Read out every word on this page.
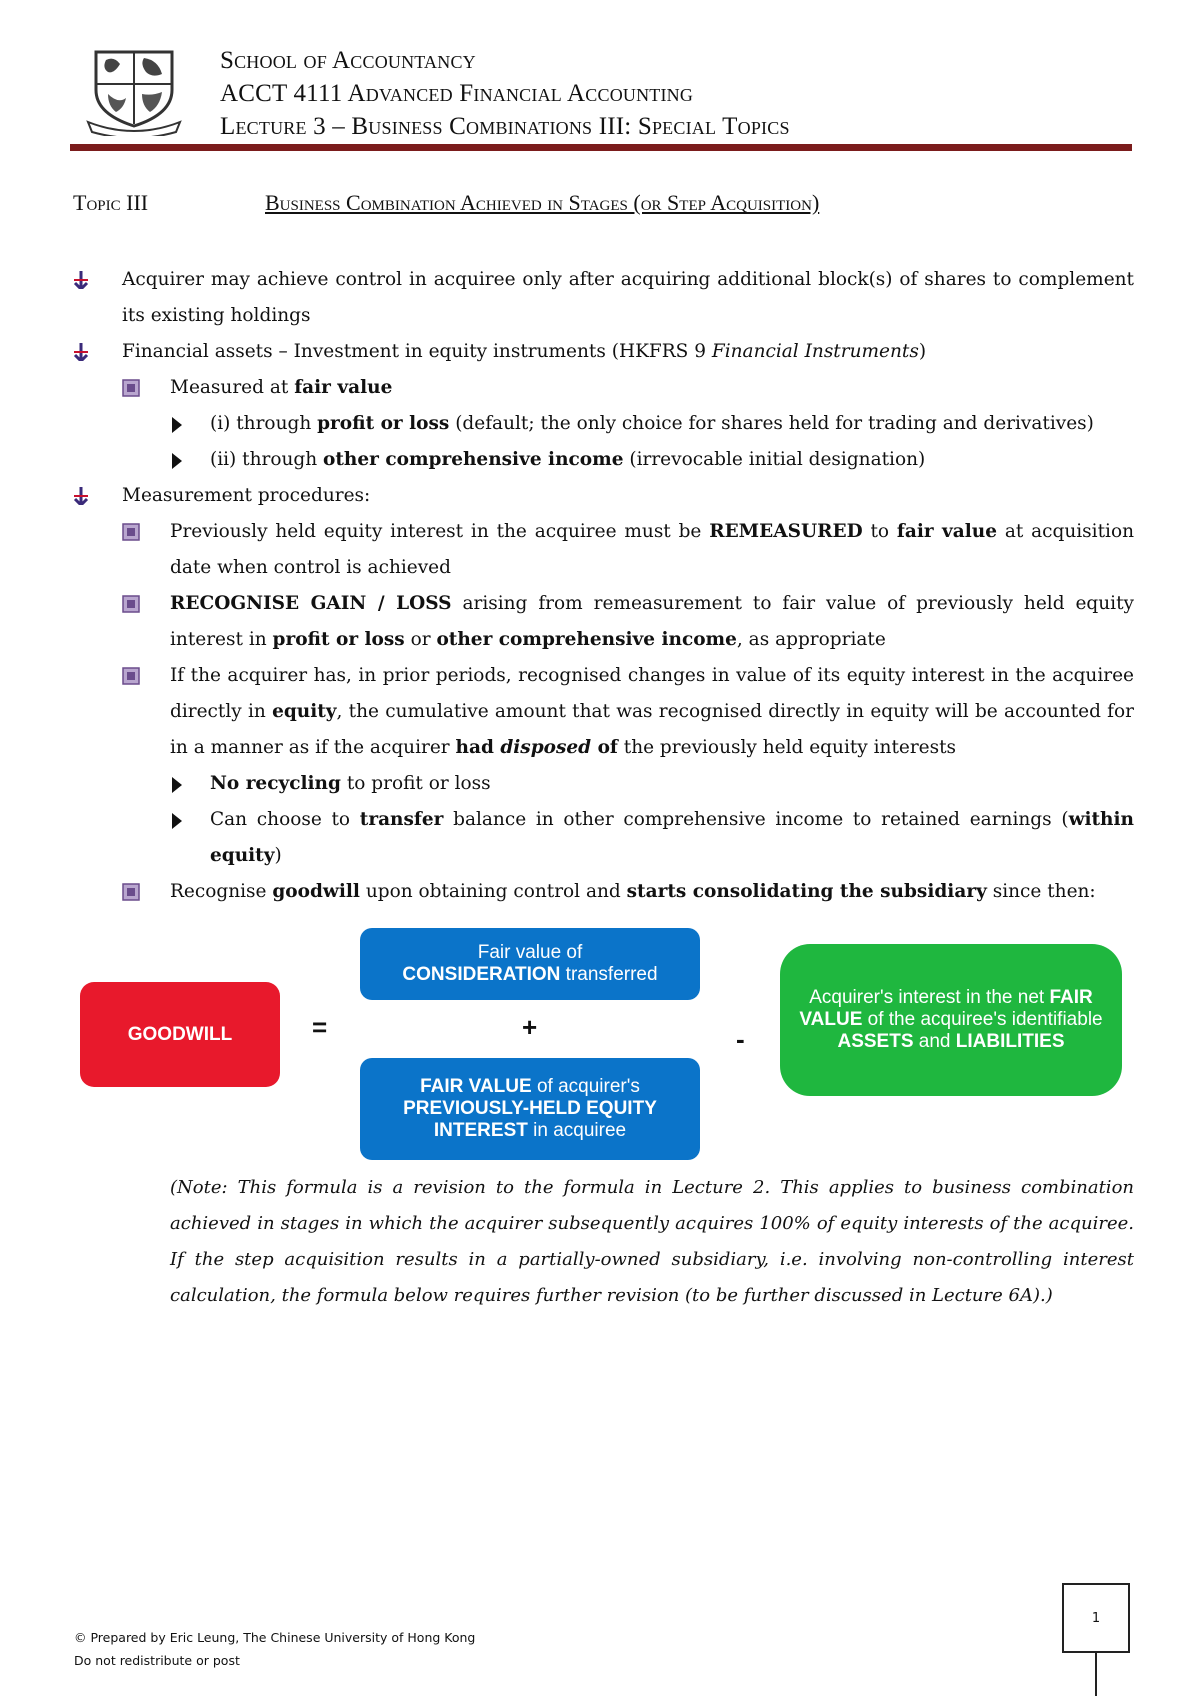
School of Accountancy
ACCT 4111 Advanced Financial Accounting
Lecture 3 – Business Combinations III: Special Topics
Topic III	Business Combination Achieved in Stages (or Step Acquisition)
Acquirer may achieve control in acquiree only after acquiring additional block(s) of shares to complement its existing holdings
Financial assets – Investment in equity instruments (HKFRS 9 Financial Instruments)
Measured at fair value
(i) through profit or loss (default; the only choice for shares held for trading and derivatives)
(ii) through other comprehensive income (irrevocable initial designation)
Measurement procedures:
Previously held equity interest in the acquiree must be REMEASURED to fair value at acquisition date when control is achieved
RECOGNISE GAIN / LOSS arising from remeasurement to fair value of previously held equity interest in profit or loss or other comprehensive income, as appropriate
If the acquirer has, in prior periods, recognised changes in value of its equity interest in the acquiree directly in equity, the cumulative amount that was recognised directly in equity will be accounted for in a manner as if the acquirer had disposed of the previously held equity interests
No recycling to profit or loss
Can choose to transfer balance in other comprehensive income to retained earnings (within equity)
Recognise goodwill upon obtaining control and starts consolidating the subsidiary since then:
GOODWILL	=
Fair value of
CONSIDERATION transferred
+
FAIR VALUE of acquirer's
PREVIOUSLY-HELD EQUITY
INTEREST in acquiree
-
Acquirer's interest in the net FAIR
VALUE of the acquiree's identifiable
ASSETS and LIABILITIES
(Note: This formula is a revision to the formula in Lecture 2. This applies to business combination achieved in stages in which the acquirer subsequently acquires 100% of equity interests of the acquiree. If the step acquisition results in a partially-owned subsidiary, i.e. involving non-controlling interest calculation, the formula below requires further revision (to be further discussed in Lecture 6A).)
© Prepared by Eric Leung, The Chinese University of Hong Kong
Do not redistribute or post
1
